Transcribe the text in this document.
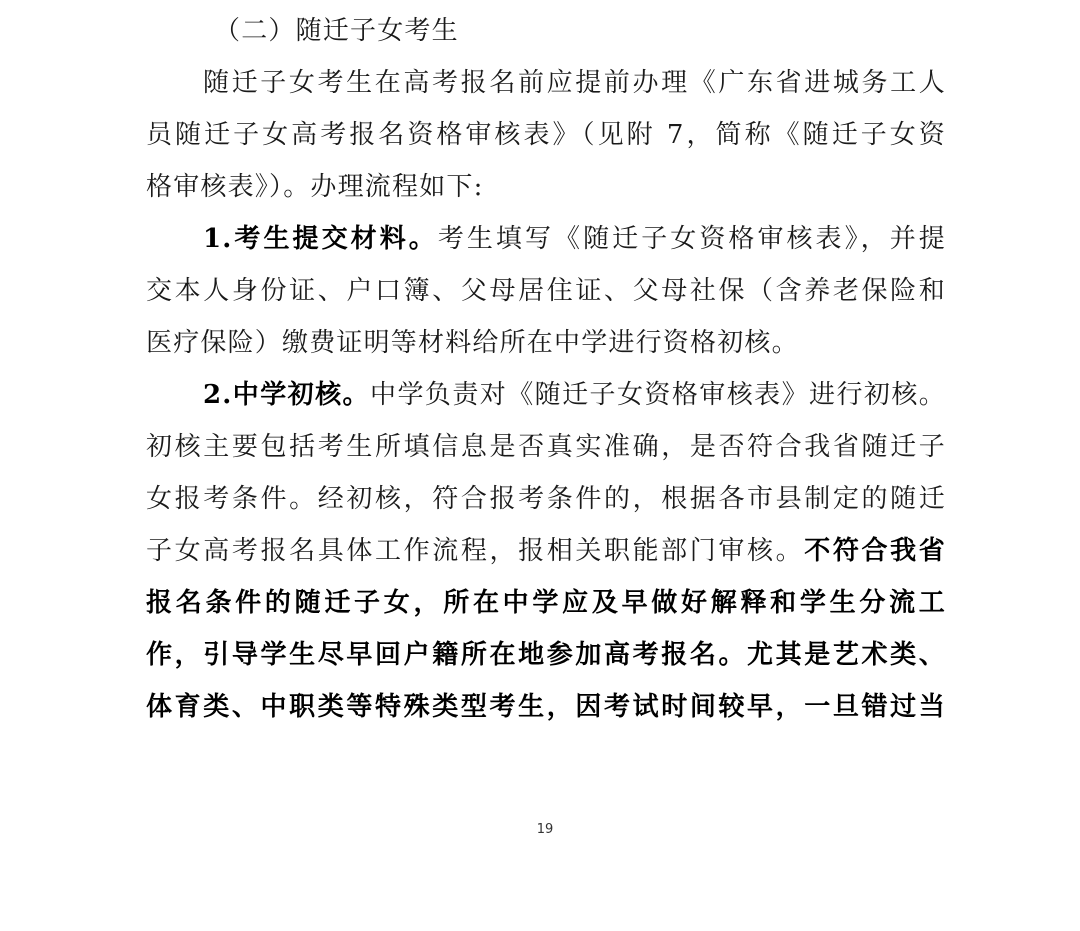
（二）随迁子女考生
随迁子女考生在高考报名前应提前办理《广东省进城务工人
员随迁子女高考报名资格审核表》（见附 7，简称《随迁子女资
格审核表》）。办理流程如下:
1.考生提交材料。考生填写《随迁子女资格审核表》，并提
交本人身份证、户口簿、父母居住证、父母社保（含养老保险和
医疗保险）缴费证明等材料给所在中学进行资格初核。
2.中学初核。中学负责对《随迁子女资格审核表》进行初核。
初核主要包括考生所填信息是否真实准确，是否符合我省随迁子
女报考条件。经初核，符合报考条件的，根据各市县制定的随迁
子女高考报名具体工作流程，报相关职能部门审核。不符合我省
报名条件的随迁子女，所在中学应及早做好解释和学生分流工
作，引导学生尽早回户籍所在地参加高考报名。尤其是艺术类、
体育类、中职类等特殊类型考生，因考试时间较早，一旦错过当
19
